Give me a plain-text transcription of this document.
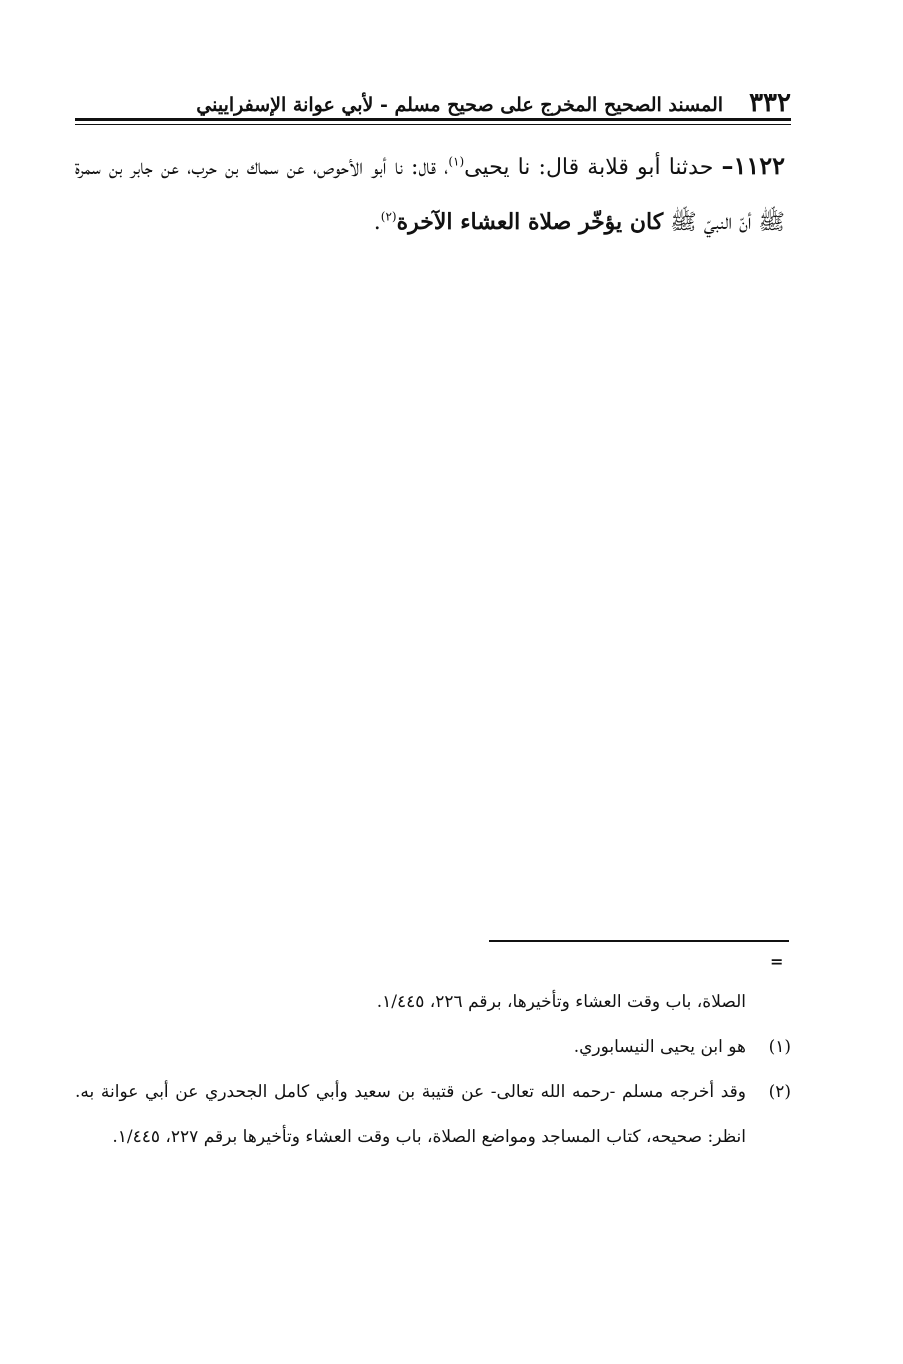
٣٣٢
المسند الصحيح المخرج على صحيح مسلم - لأبي عوانة الإسفراييني
١١٢٢– حدثنا أبو قلابة قال: نا يحيى$^{(١)}$، قال: نا أبو الأحوص، عن سماك بن حرب، عن جابر بن سمرة ﷺ أنّ النبيّ ﷺ كان يؤخّر صلاة العشاء الآخرة$^{(٢)}$.
=

الصلاة، باب وقت العشاء وتأخيرها، برقم ٢٢٦، ١/٤٤٥.

(١)
هو ابن يحيى النيسابوري.
(٢)
وقد أخرجه مسلم -رحمه الله تعالى- عن قتيبة بن سعيد وأبي كامل الجحدري عن أبي عوانة به. انظر: صحيحه، كتاب المساجد ومواضع الصلاة، باب وقت العشاء وتأخيرها برقم ٢٢٧، ١/٤٤٥.
